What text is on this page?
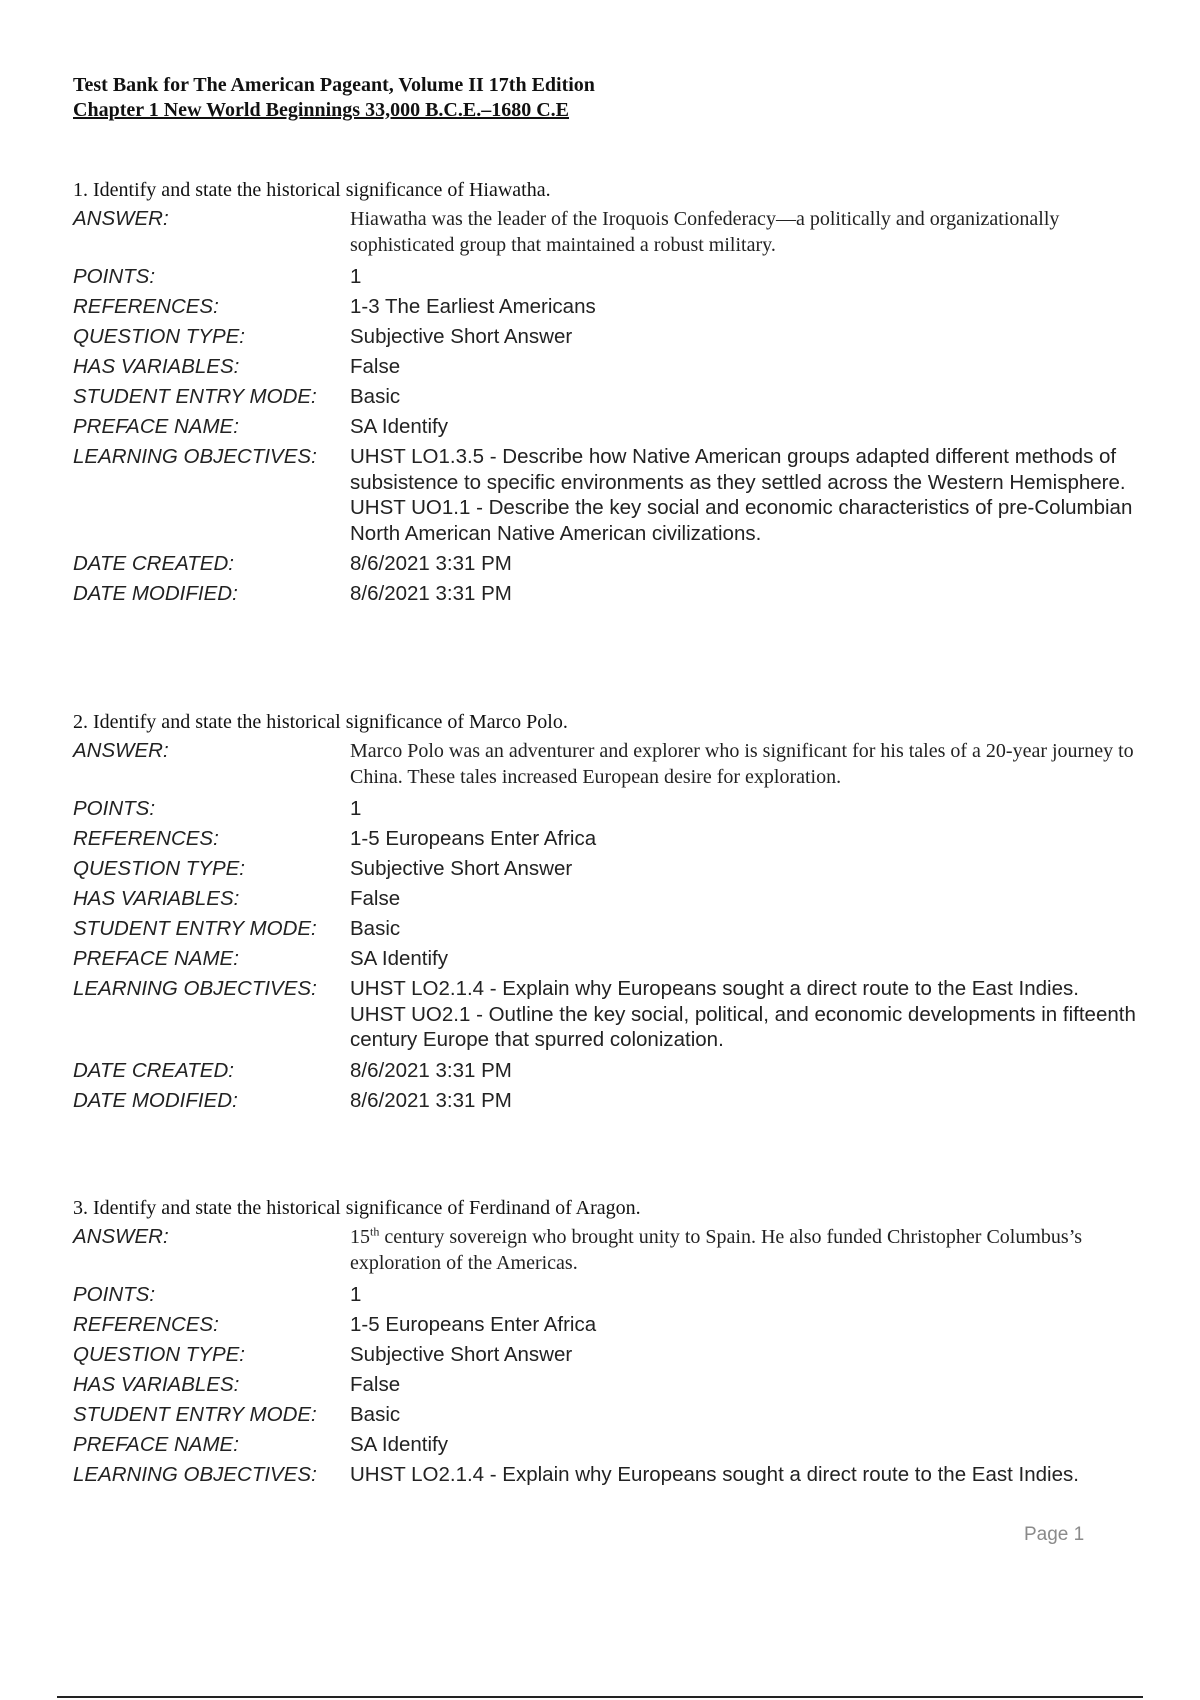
Test Bank for The American Pageant, Volume II 17th Edition
Chapter 1 New World Beginnings 33,000 B.C.E.–1680 C.E
1. Identify and state the historical significance of Hiawatha.
ANSWER:	Hiawatha was the leader of the Iroquois Confederacy—a politically and organizationally sophisticated group that maintained a robust military.
POINTS:	1
REFERENCES:	1-3 The Earliest Americans
QUESTION TYPE:	Subjective Short Answer
HAS VARIABLES:	False
STUDENT ENTRY MODE:	Basic
PREFACE NAME:	SA Identify
LEARNING OBJECTIVES:	UHST LO1.3.5 - Describe how Native American groups adapted different methods of subsistence to specific environments as they settled across the Western Hemisphere.
UHST UO1.1 - Describe the key social and economic characteristics of pre-Columbian North American Native American civilizations.
DATE CREATED:	8/6/2021 3:31 PM
DATE MODIFIED:	8/6/2021 3:31 PM
2. Identify and state the historical significance of Marco Polo.
ANSWER:	Marco Polo was an adventurer and explorer who is significant for his tales of a 20-year journey to China. These tales increased European desire for exploration.
POINTS:	1
REFERENCES:	1-5 Europeans Enter Africa
QUESTION TYPE:	Subjective Short Answer
HAS VARIABLES:	False
STUDENT ENTRY MODE:	Basic
PREFACE NAME:	SA Identify
LEARNING OBJECTIVES:	UHST LO2.1.4 - Explain why Europeans sought a direct route to the East Indies.
UHST UO2.1 - Outline the key social, political, and economic developments in fifteenth century Europe that spurred colonization.
DATE CREATED:	8/6/2021 3:31 PM
DATE MODIFIED:	8/6/2021 3:31 PM
3. Identify and state the historical significance of Ferdinand of Aragon.
ANSWER:	15th century sovereign who brought unity to Spain. He also funded Christopher Columbus’s exploration of the Americas.
POINTS:	1
REFERENCES:	1-5 Europeans Enter Africa
QUESTION TYPE:	Subjective Short Answer
HAS VARIABLES:	False
STUDENT ENTRY MODE:	Basic
PREFACE NAME:	SA Identify
LEARNING OBJECTIVES:	UHST LO2.1.4 - Explain why Europeans sought a direct route to the East Indies.
Page 1
